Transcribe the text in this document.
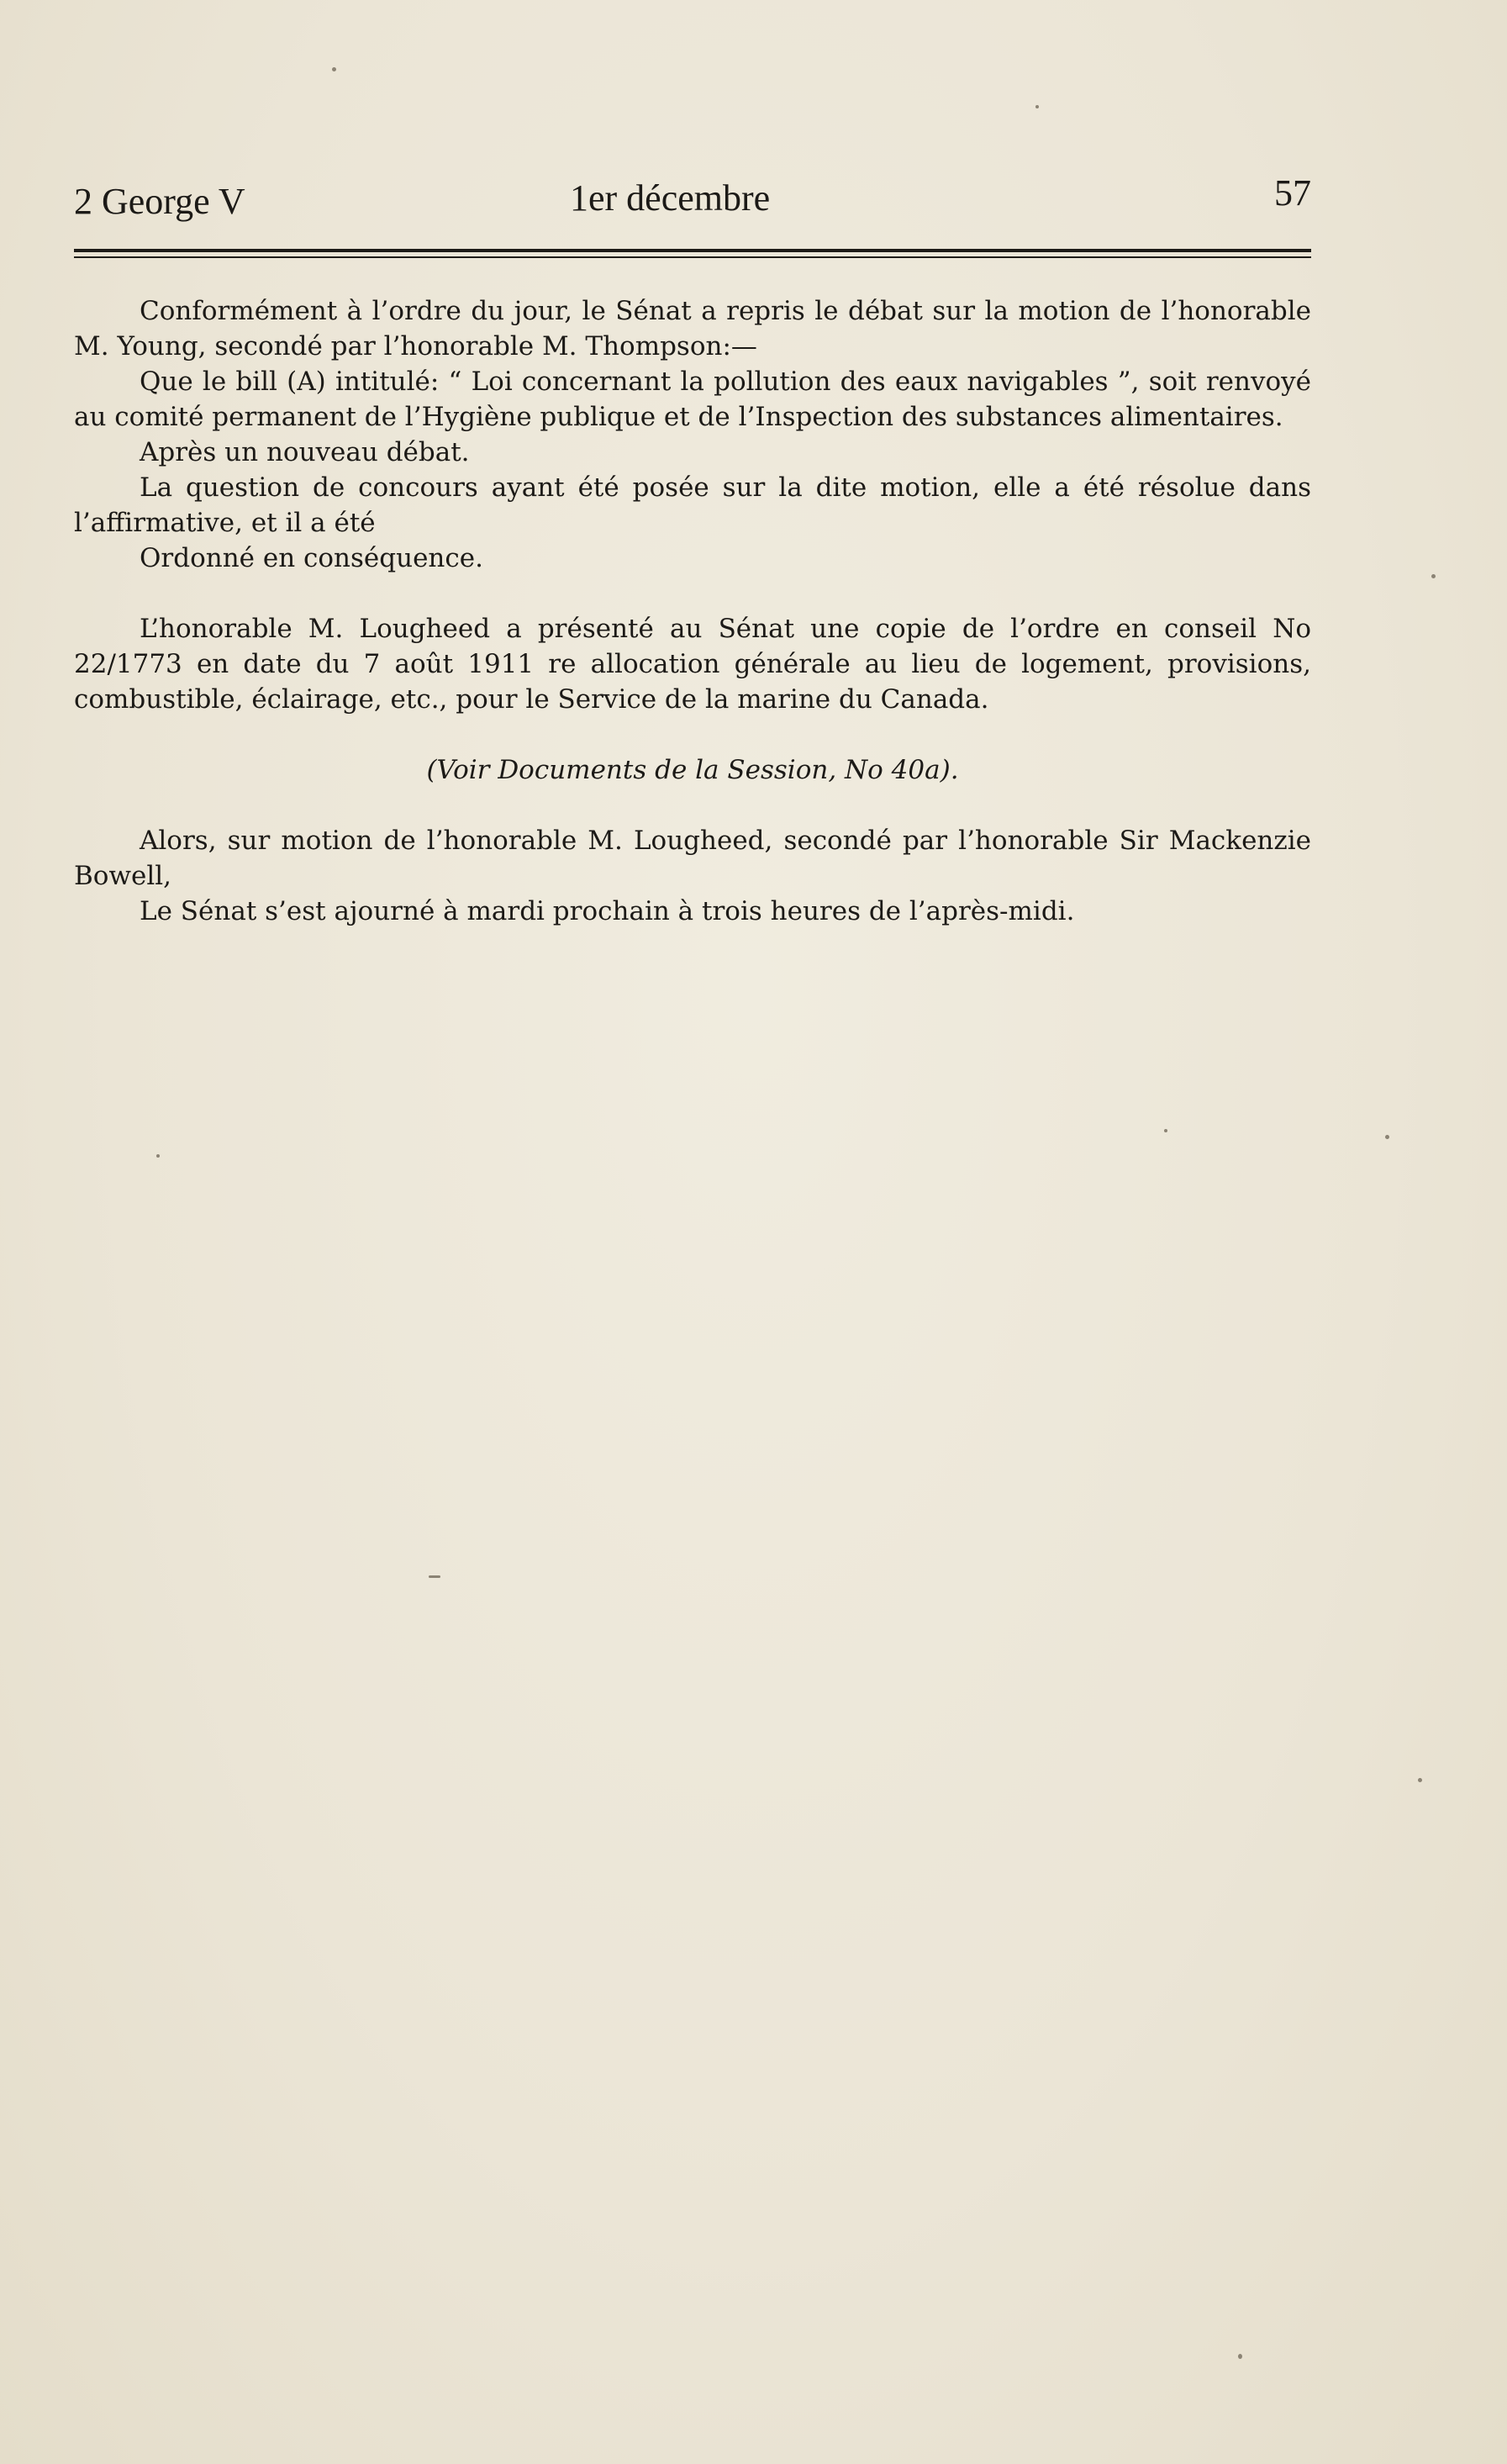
2 George V	1er décembre	57

Conformément à l’ordre du jour, le Sénat a repris le débat sur la motion de l’honorable M. Young, secondé par l’honorable M. Thompson:—

Que le bill (A) intitulé: “ Loi concernant la pollution des eaux navigables ”, soit renvoyé au comité permanent de l’Hygiène publique et de l’Inspection des substances alimentaires.

Après un nouveau débat.

La question de concours ayant été posée sur la dite motion, elle a été résolue dans l’affirmative, et il a été

Ordonné en conséquence.

L’honorable M. Lougheed a présenté au Sénat une copie de l’ordre en conseil No 22/1773 en date du 7 août 1911 re allocation générale au lieu de logement, provisions, combustible, éclairage, etc., pour le Service de la marine du Canada.

(Voir Documents de la Session, No 40a).

Alors, sur motion de l’honorable M. Lougheed, secondé par l’honorable Sir Mackenzie Bowell,

Le Sénat s’est ajourné à mardi prochain à trois heures de l’après-midi.
